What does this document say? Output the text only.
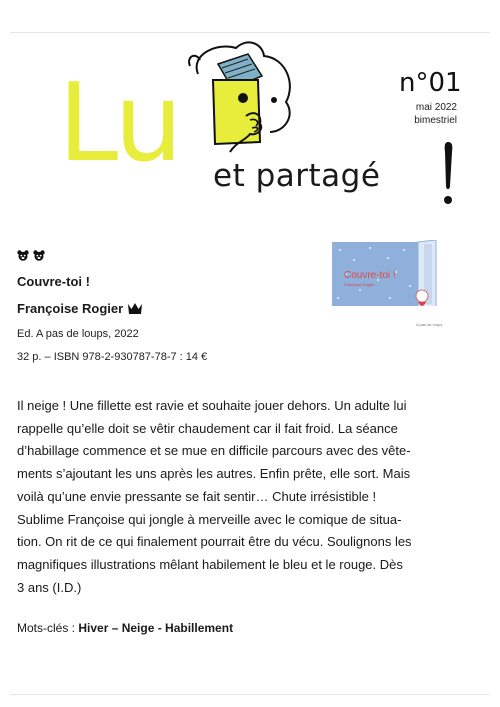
Lu et partagé
n°01
mai 2022
bimestriel
Couvre-toi !
Françoise Rogier
Ed. A pas de loups, 2022
32 p. – ISBN 978-2-930787-78-7 : 14 €
Couvre-toi !
Françoise Rogier
A pas de loups
Il neige ! Une fillette est ravie et souhaite jouer dehors. Un adulte lui
rappelle qu’elle doit se vêtir chaudement car il fait froid. La séance
d’habillage commence et se mue en difficile parcours avec des vête-
ments s’ajoutant les uns après les autres. Enfin prête, elle sort. Mais
voilà qu’une envie pressante se fait sentir… Chute irrésistible !
Sublime Françoise qui jongle à merveille avec le comique de situa-
tion. On rit de ce qui finalement pourrait être du vécu. Soulignons les
magnifiques illustrations mêlant habilement le bleu et le rouge. Dès
3 ans (I.D.)
Mots-clés : Hiver – Neige - Habillement
